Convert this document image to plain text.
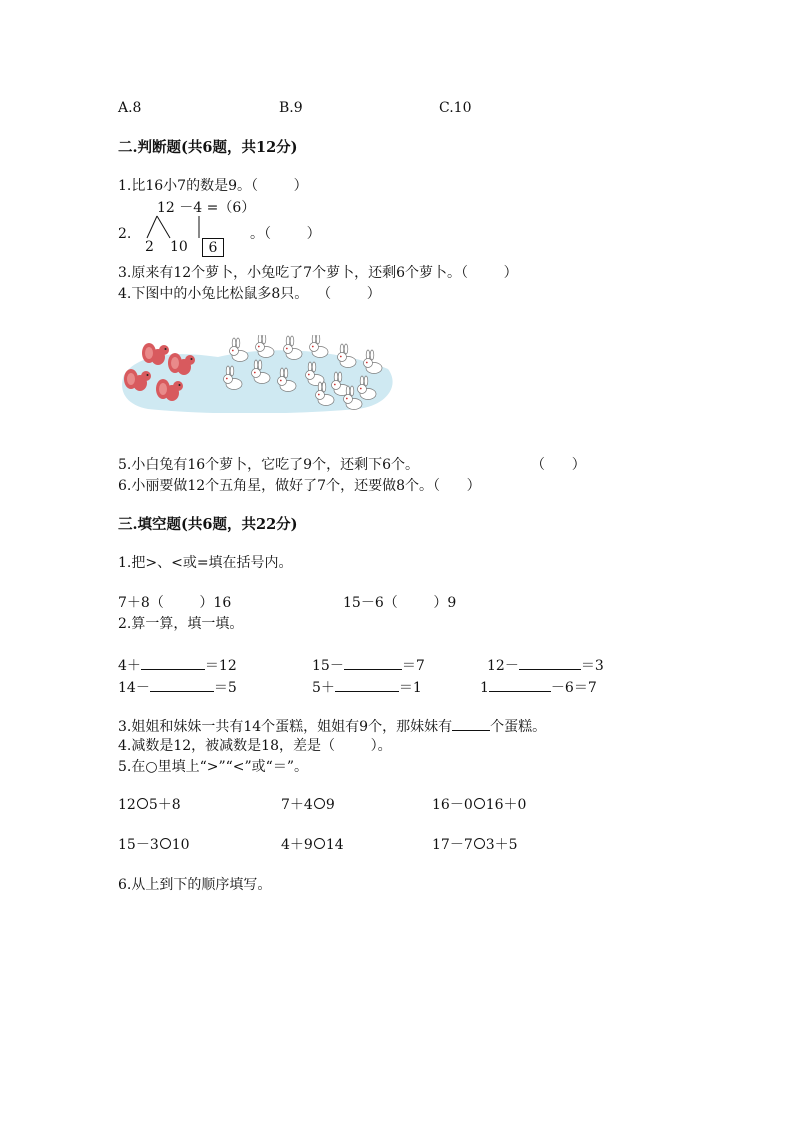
A.8	B.9	C.10
二.判断题(共6题，共12分)
1.比16小7的数是9。（        ）
12 －4 =（6）
2.
2 10	6
。（        ）
3.原来有12个萝卜，小兔吃了7个萝卜，还剩6个萝卜。（        ）
4.下图中的小兔比松鼠多8只。  （        ）
5.小白兔有16个萝卜，它吃了9个，还剩下6个。	（      ）
6.小丽要做12个五角星，做好了7个，还要做8个。（      ）
三.填空题(共6题，共22分)
1.把>、<或=填在括号内。
7＋8（        ）16	15－6（        ）9
2.算一算，填一填。
4＋	＝12	15－	＝7	12－	＝3
14－	＝5	5＋	＝1	1	－6＝7
3.姐姐和妹妹一共有14个蛋糕，姐姐有9个，那妹妹有	个蛋糕。
4.减数是12，被减数是18，差是（        ）。
5.在○里填上“>”“<”或“＝”。
12 5＋8	7＋4 9	16－0 16＋0
15－3 10	4＋9 14	17－7 3＋5
6.从上到下的顺序填写。
